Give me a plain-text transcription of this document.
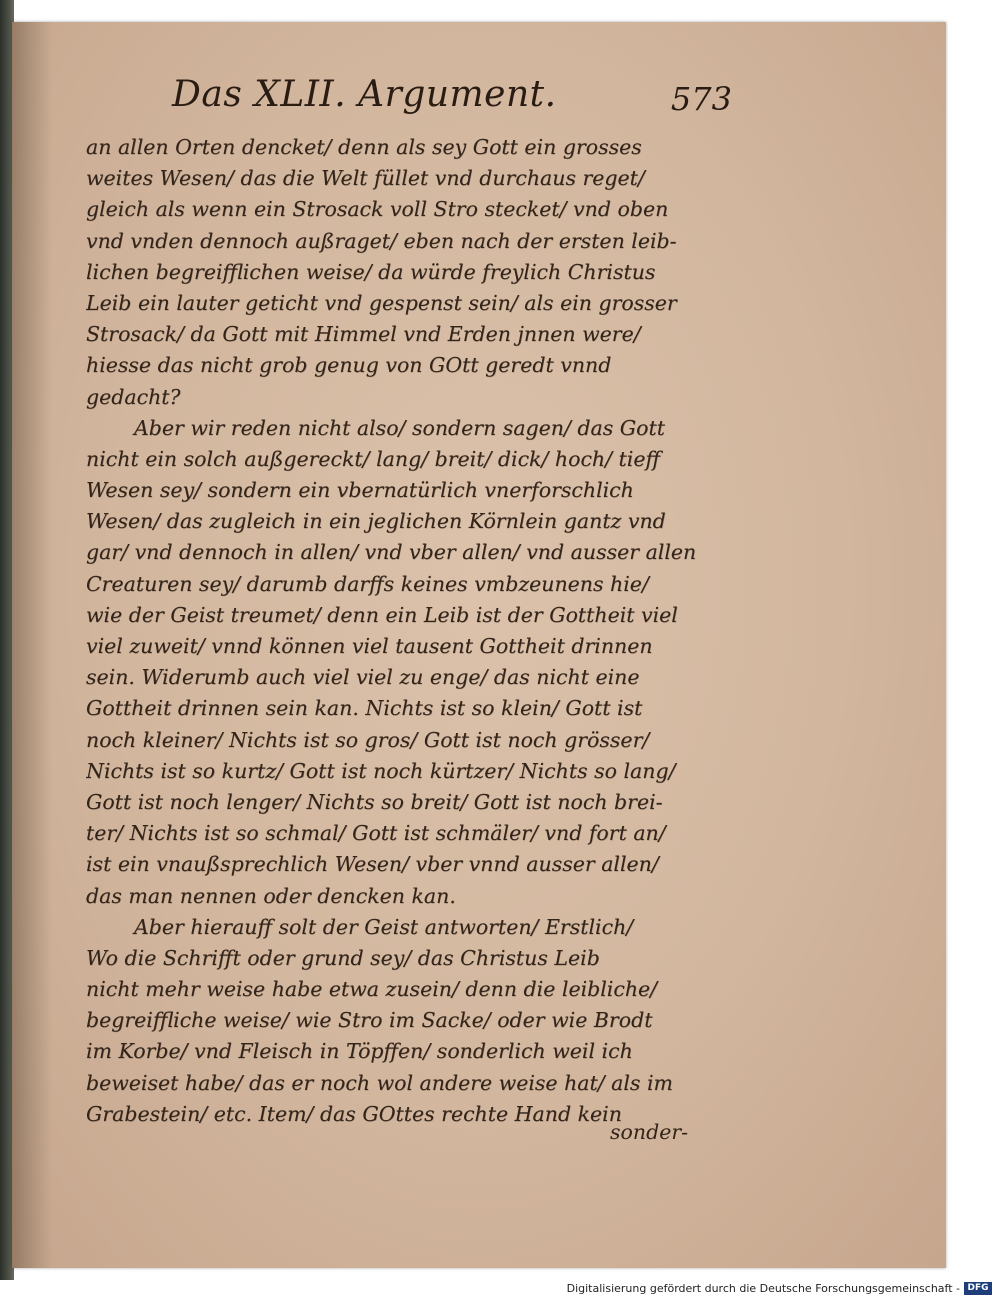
Das XLII. Argument.	573
an allen Orten dencket/ denn als sey Gott ein grosses
weites Wesen/ das die Welt füllet vnd durchaus reget/
gleich als wenn ein Strosack voll Stro stecket/ vnd oben
vnd vnden dennoch außraget/ eben nach der ersten leib-
lichen begreifflichen weise/ da würde freylich Christus
Leib ein lauter geticht vnd gespenst sein/ als ein grosser
Strosack/ da Gott mit Himmel vnd Erden jnnen were/
hiesse das nicht grob genug von GOtt geredt vnnd
gedacht?
Aber wir reden nicht also/ sondern sagen/ das Gott
nicht ein solch außgereckt/ lang/ breit/ dick/ hoch/ tieff
Wesen sey/ sondern ein vbernatürlich vnerforschlich
Wesen/ das zugleich in ein jeglichen Körnlein gantz vnd
gar/ vnd dennoch in allen/ vnd vber allen/ vnd ausser allen
Creaturen sey/ darumb darffs keines vmbzeunens hie/
wie der Geist treumet/ denn ein Leib ist der Gottheit viel
viel zuweit/ vnnd können viel tausent Gottheit drinnen
sein. Widerumb auch viel viel zu enge/ das nicht eine
Gottheit drinnen sein kan. Nichts ist so klein/ Gott ist
noch kleiner/ Nichts ist so gros/ Gott ist noch grösser/
Nichts ist so kurtz/ Gott ist noch kürtzer/ Nichts so lang/
Gott ist noch lenger/ Nichts so breit/ Gott ist noch brei-
ter/ Nichts ist so schmal/ Gott ist schmäler/ vnd fort an/
ist ein vnaußsprechlich Wesen/ vber vnnd ausser allen/
das man nennen oder dencken kan.
Aber hierauff solt der Geist antworten/ Erstlich/
Wo die Schrifft oder grund sey/ das Christus Leib
nicht mehr weise habe etwa zusein/ denn die leibliche/
begreiffliche weise/ wie Stro im Sacke/ oder wie Brodt
im Korbe/ vnd Fleisch in Töpffen/ sonderlich weil ich
beweiset habe/ das er noch wol andere weise hat/ als im
Grabestein/ etc. Item/ das GOttes rechte Hand kein
sonder-
Digitalisierung gefördert durch die Deutsche Forschungsgemeinschaft - DFG
